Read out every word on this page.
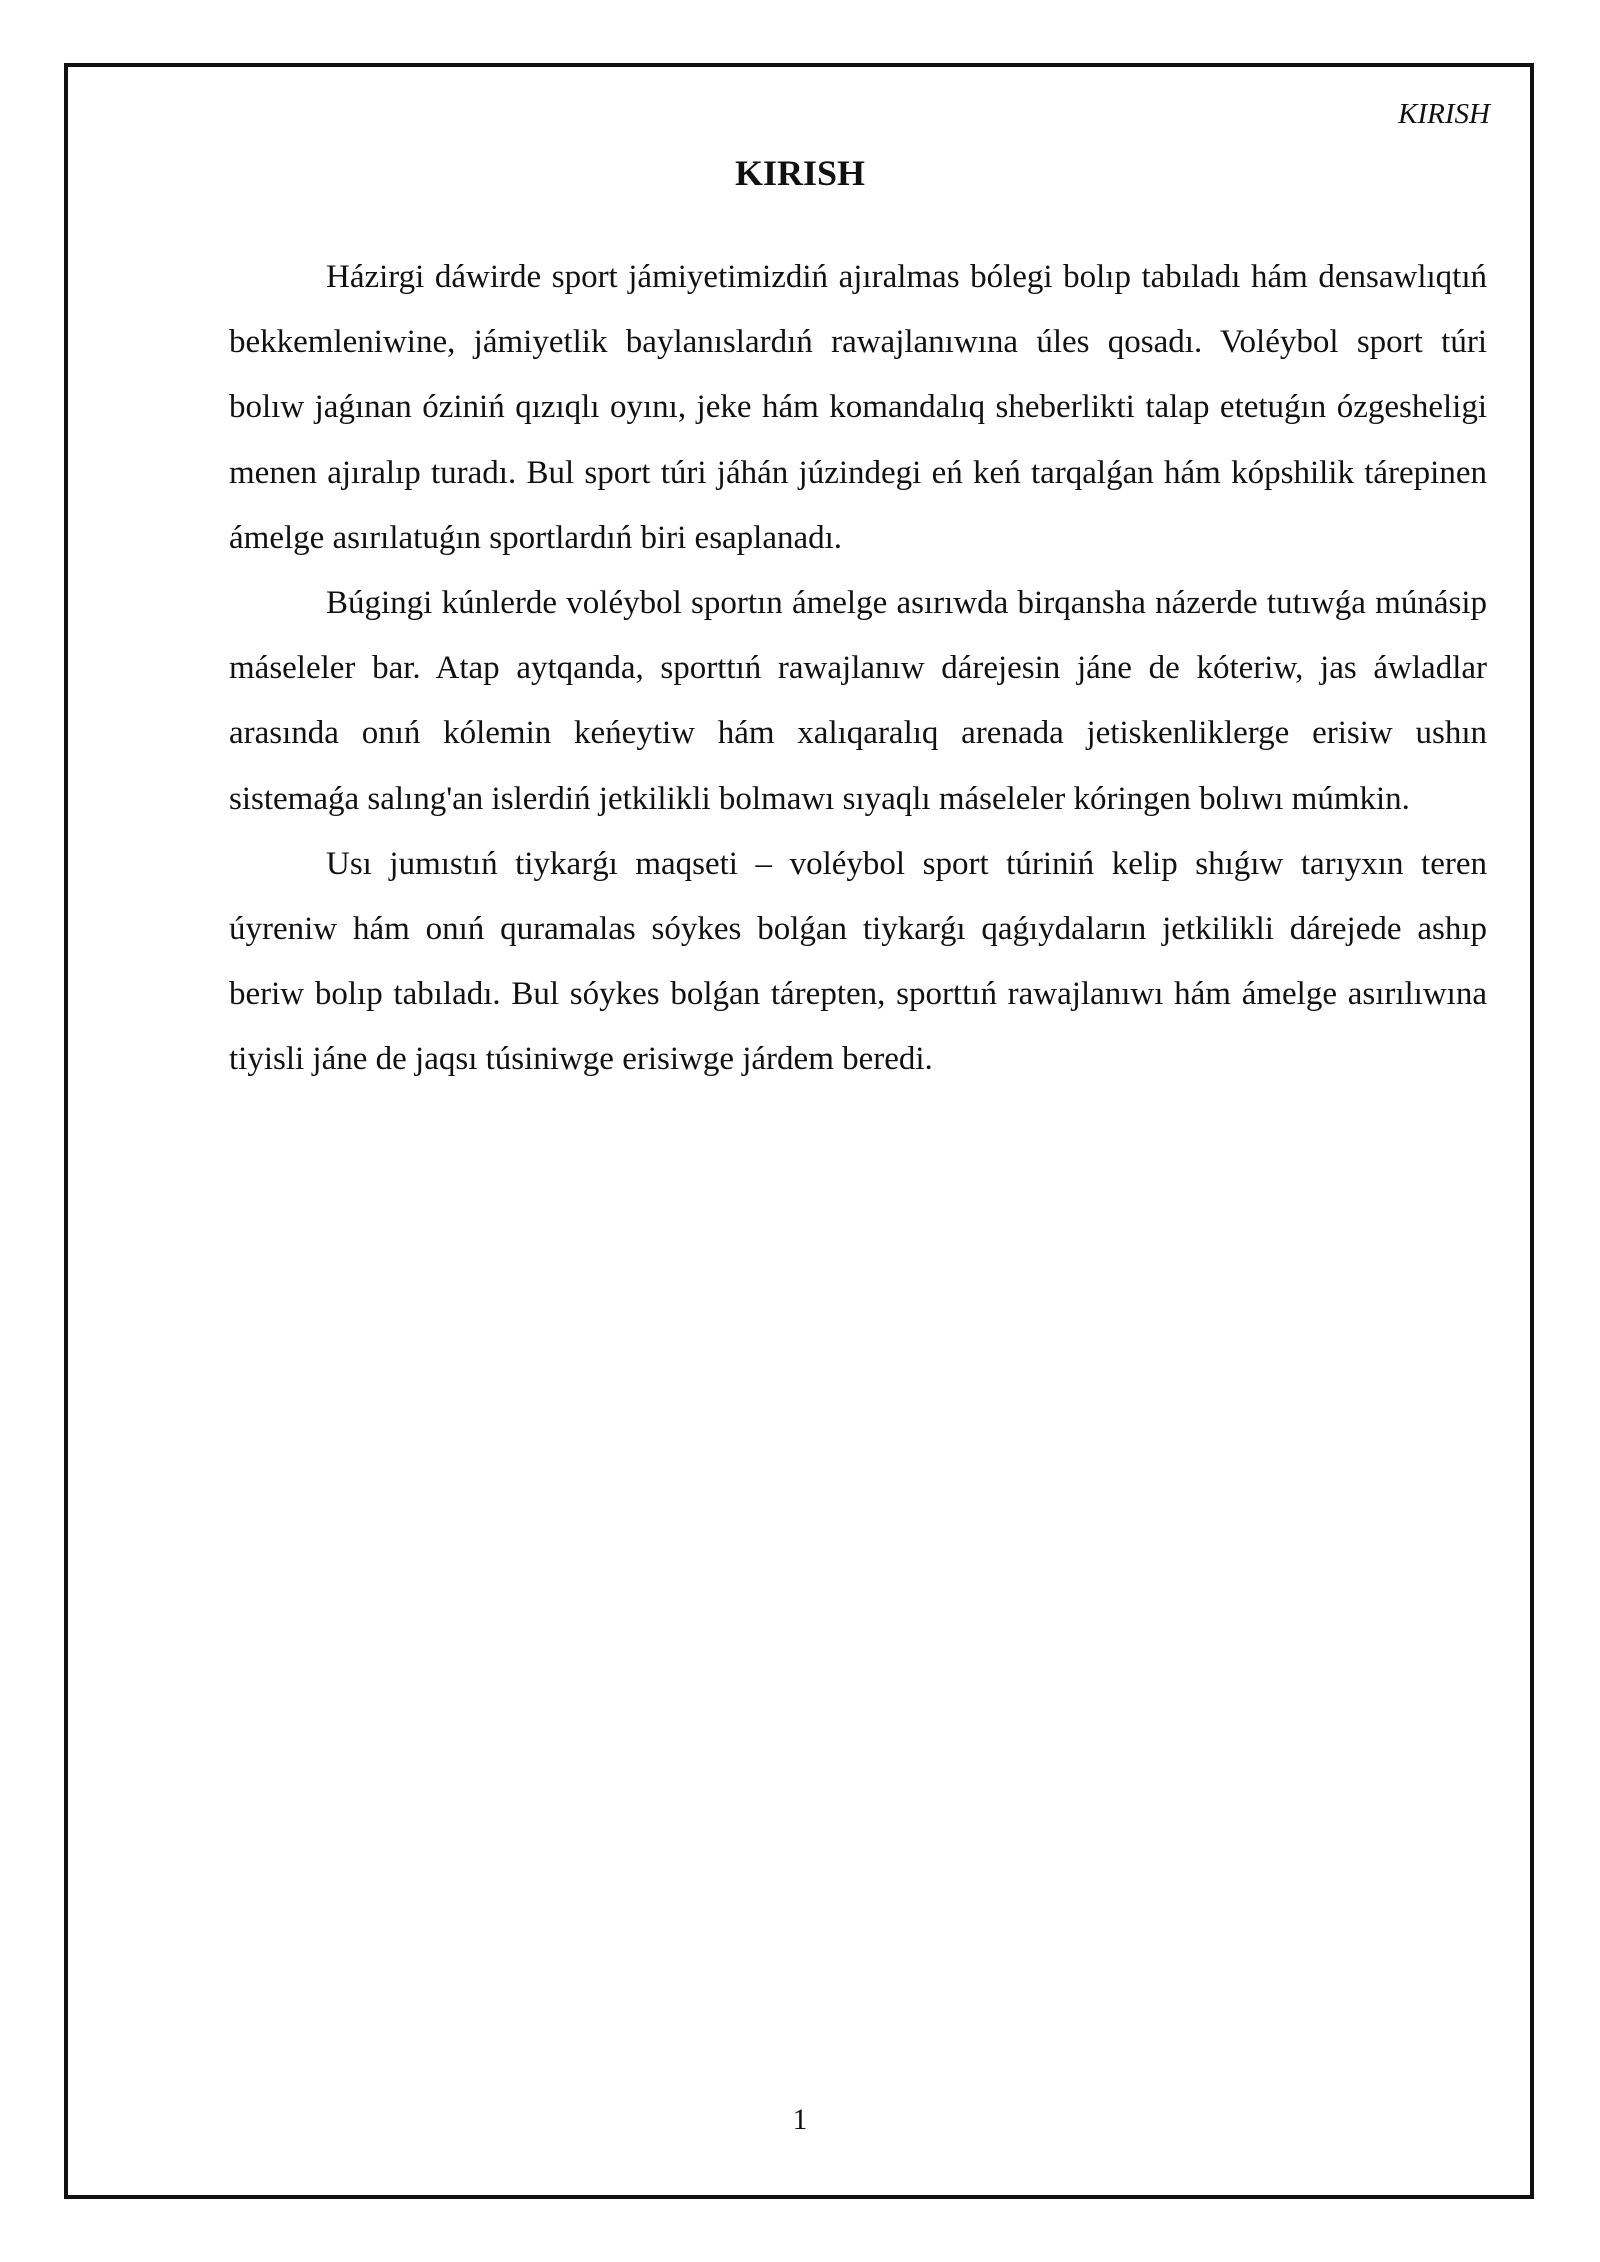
KIRISH
KIRISH

Házirgi dáwirde sport jámiyetimizdiń ajıralmas bólegi bolıp tabıladı hám densawlıqtıń bekkemleniwine, jámiyetlik baylanıslardıń rawajlanıwına úles qosadı. Voléybol sport túri bolıw jaǵınan óziniń qızıqlı oyını, jeke hám komandalıq sheberlikti talap etetuǵın ózgesheligi menen ajıralıp turadı. Bul sport túri jáhán júzindegi eń keń tarqalǵan hám kópshilik tárepinen ámelge asırılatuǵın sportlardıń biri esaplanadı.

Búgingi kúnlerde voléybol sportın ámelge asırıwda birqansha názerde tutıwǵa múnásip máseleler bar. Atap aytqanda, sporttıń rawajlanıw dárejesin jáne de kóteriw, jas áwladlar arasında onıń kólemin keńeytiw hám xalıqaralıq arenada jetiskenliklerge erisiw ushın sistemaǵa salıng'an islerdiń jetkilikli bolmawı sıyaqlı máseleler kóringen bolıwı múmkin.

Usı jumıstıń tiykarǵı maqseti – voléybol sport túriniń kelip shıǵıw tarıyxın teren úyreniw hám onıń quramalas sóykes bolǵan tiykarǵı qaǵıydaların jetkilikli dárejede ashıp beriw bolıp tabıladı. Bul sóykes bolǵan tárepten, sporttıń rawajlanıwı hám ámelge asırılıwına tiyisli jáne de jaqsı túsiniwge erisiwge járdem beredi.

1
